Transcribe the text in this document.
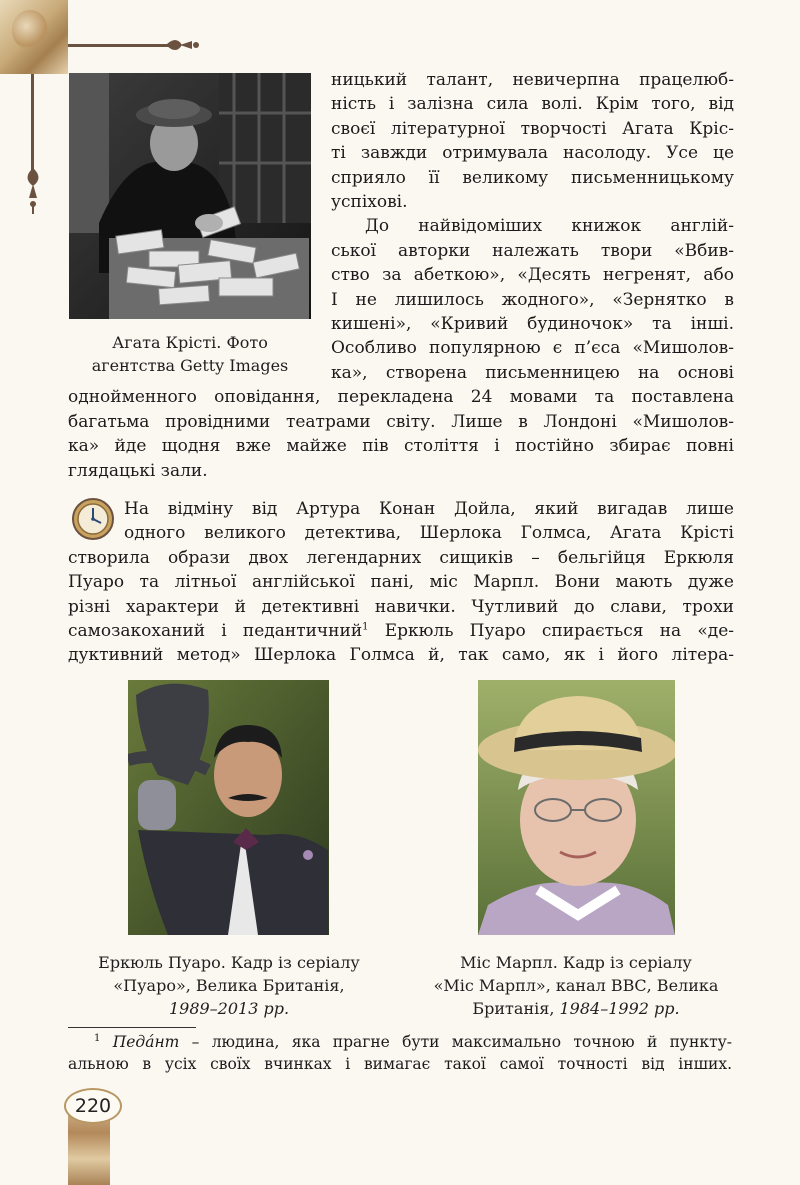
220
Агата Крісті. Фото
агентства Getty Images
ницький талант, невичерпна працелюб-
ність і залізна сила волі. Крім того, від
своєї літературної творчості Агата Кріс-
ті завжди отримувала насолоду. Усе це
сприяло її великому письменницькому
успіхові.
До найвідоміших книжок англій-
ської авторки належать твори «Вбив-
ство за абеткою», «Десять негренят, або
І не лишилось жодного», «Зернятко в
кишені», «Кривий будиночок» та інші.
Особливо популярною є п’єса «Мишолов-
ка», створена письменницею на основі
однойменного оповідання, перекладена 24 мовами та поставлена
багатьма провідними театрами світу. Лише в Лондоні «Мишолов-
ка» йде щодня вже майже пів століття і постійно збирає повні
глядацькі зали.
На відміну від Артура Конан Дойла, який вигадав лише
одного великого детектива, Шерлока Голмса, Агата Крісті
створила образи двох легендарних сищиків – бельгійця Еркюля
Пуаро та літньої англійської пані, міс Марпл. Вони мають дуже
різні характери й детективні навички. Чутливий до слави, трохи
самозакоханий і педантичний$^1$ Еркюль Пуаро спирається на «де-
дуктивний метод» Шерлока Голмса й, так само, як і його літера-
Еркюль Пуаро. Кадр із серіалу
«Пуаро», Велика Британія,
1989–2013 рр.
Міс Марпл. Кадр із серіалу
«Міс Марпл», канал ВВС, Велика
Британія, 1984–1992 рр.
$^1$ Педáнт – людина, яка прагне бути максимально точною й пункту-
альною в усіх своїх вчинках і вимагає такої самої точності від інших.
